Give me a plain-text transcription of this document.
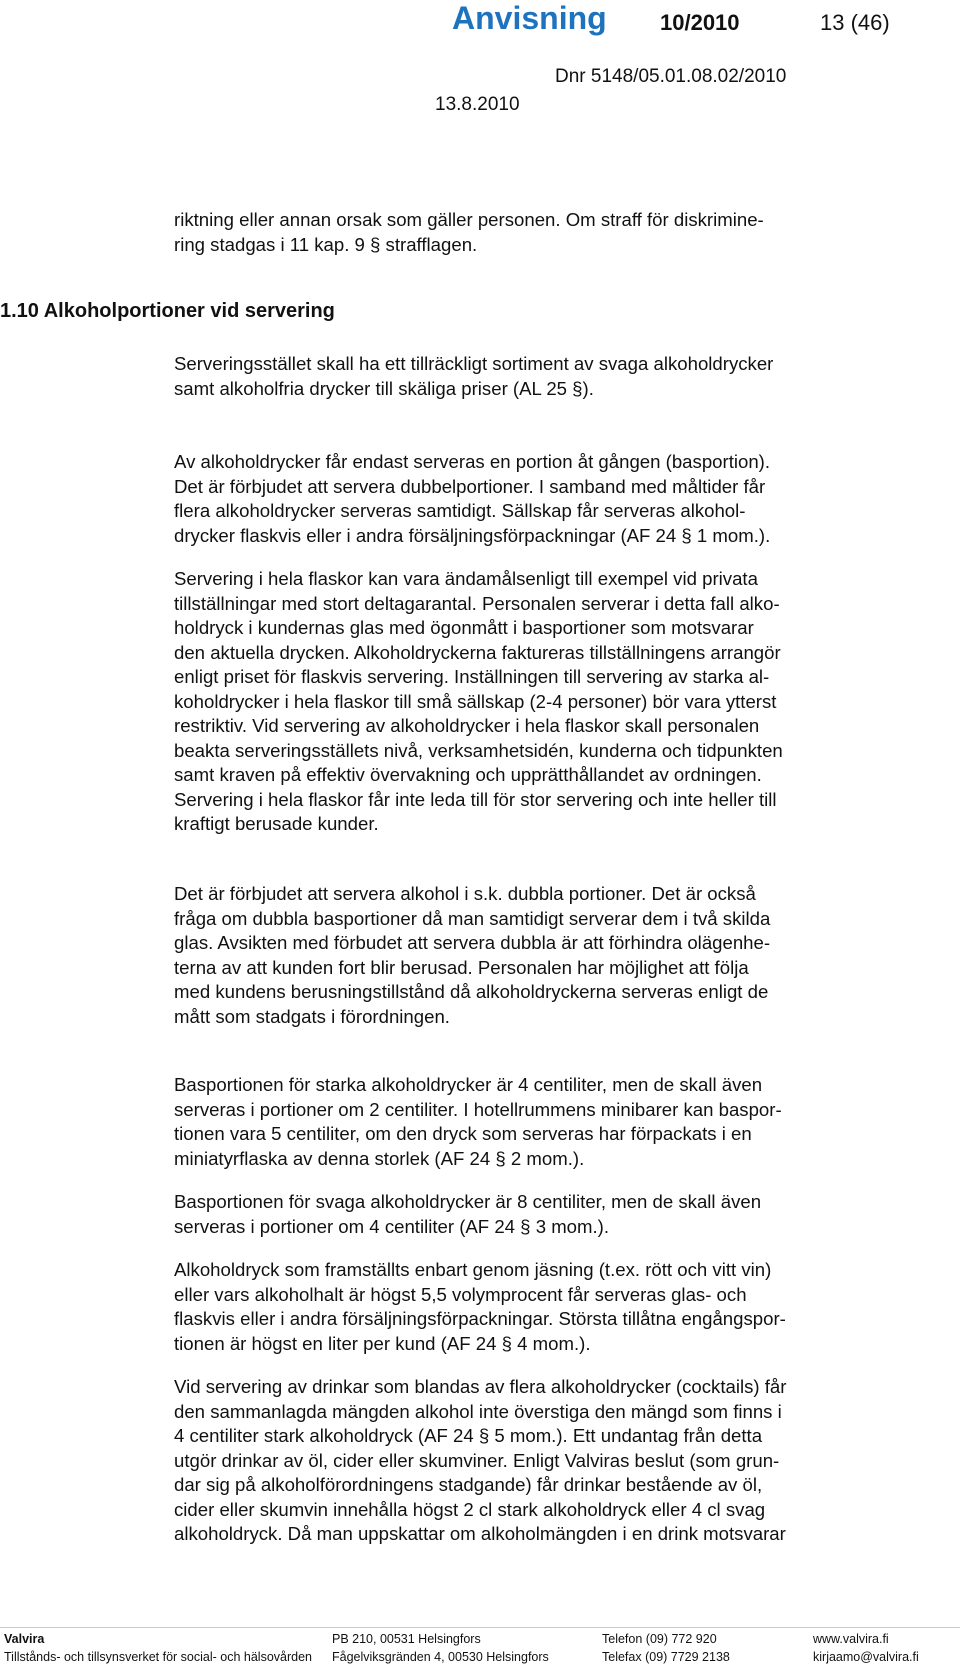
Anvisning 10/2010	13 (46)
Dnr 5148/05.01.08.02/2010
13.8.2010
riktning eller annan orsak som gäller personen. Om straff för diskrimine-
ring stadgas i 11 kap. 9 § strafflagen.
1.10 Alkoholportioner vid servering
Serveringsstället skall ha ett tillräckligt sortiment av svaga alkoholdrycker
samt alkoholfria drycker till skäliga priser (AL 25 §).
Av alkoholdrycker får endast serveras en portion åt gången (basportion).
Det är förbjudet att servera dubbelportioner. I samband med måltider får
flera alkoholdrycker serveras samtidigt. Sällskap får serveras alkohol-
drycker flaskvis eller i andra försäljningsförpackningar (AF 24 § 1 mom.).
Servering i hela flaskor kan vara ändamålsenligt till exempel vid privata
tillställningar med stort deltagarantal. Personalen serverar i detta fall alko-
holdryck i kundernas glas med ögonmått i basportioner som motsvarar
den aktuella drycken. Alkoholdryckerna faktureras tillställningens arrangör
enligt priset för flaskvis servering. Inställningen till servering av starka al-
koholdrycker i hela flaskor till små sällskap (2-4 personer) bör vara ytterst
restriktiv. Vid servering av alkoholdrycker i hela flaskor skall personalen
beakta serveringsställets nivå, verksamhetsidén, kunderna och tidpunkten
samt kraven på effektiv övervakning och upprätthållandet av ordningen.
Servering i hela flaskor får inte leda till för stor servering och inte heller till
kraftigt berusade kunder.
Det är förbjudet att servera alkohol i s.k. dubbla portioner. Det är också
fråga om dubbla basportioner då man samtidigt serverar dem i två skilda
glas. Avsikten med förbudet att servera dubbla är att förhindra olägenhe-
terna av att kunden fort blir berusad. Personalen har möjlighet att följa
med kundens berusningstillstånd då alkoholdryckerna serveras enligt de
mått som stadgats i förordningen.
Basportionen för starka alkoholdrycker är 4 centiliter, men de skall även
serveras i portioner om 2 centiliter. I hotellrummens minibarer kan baspor-
tionen vara 5 centiliter, om den dryck som serveras har förpackats i en
miniatyrflaska av denna storlek (AF 24 § 2 mom.).
Basportionen för svaga alkoholdrycker är 8 centiliter, men de skall även
serveras i portioner om 4 centiliter (AF 24 § 3 mom.).
Alkoholdryck som framställts enbart genom jäsning (t.ex. rött och vitt vin)
eller vars alkoholhalt är högst 5,5 volymprocent får serveras glas- och
flaskvis eller i andra försäljningsförpackningar. Största tillåtna engångspor-
tionen är högst en liter per kund (AF 24 § 4 mom.).
Vid servering av drinkar som blandas av flera alkoholdrycker (cocktails) får
den sammanlagda mängden alkohol inte överstiga den mängd som finns i
4 centiliter stark alkoholdryck (AF 24 § 5 mom.). Ett undantag från detta
utgör drinkar av öl, cider eller skumviner. Enligt Valviras beslut (som grun-
dar sig på alkoholförordningens stadgande) får drinkar bestående av öl,
cider eller skumvin innehålla högst 2 cl stark alkoholdryck eller 4 cl svag
alkoholdryck. Då man uppskattar om alkoholmängden i en drink motsvarar
Valvira
Tillstånds- och tillsynsverket för social- och hälsovården
PB 210, 00531 Helsingfors
Fågelviksgränden 4, 00530 Helsingfors
Telefon (09) 772 920
Telefax (09) 7729 2138
www.valvira.fi
kirjaamo@valvira.fi
